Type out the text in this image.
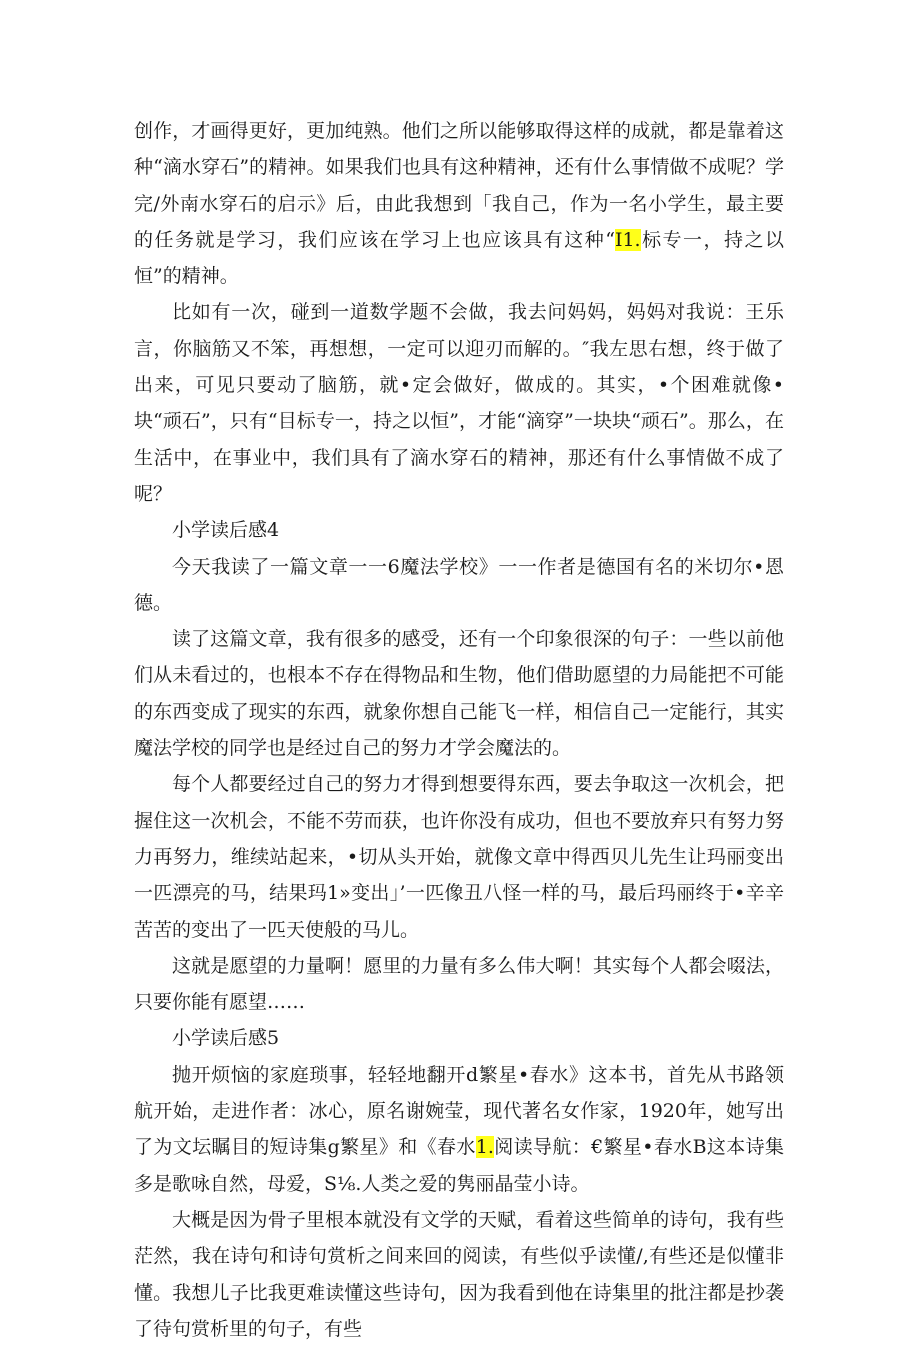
创作，才画得更好，更加纯熟。他们之所以能够取得这样的成就，都是靠着这种“滴水穿石”的精神。如果我们也具有这种精神，还有什么事情做不成呢？学完/外南水穿石的启示》后，由此我想到「我自己，作为一名小学生，最主要的任务就是学习，我们应该在学习上也应该具有这种“I1.标专一，持之以恒”的精神。

比如有一次，碰到一道数学题不会做，我去问妈妈，妈妈对我说：王乐言，你脑筋又不笨，再想想，一定可以迎刃而解的。″我左思右想，终于做了出来，可见只要动了脑筋，就•定会做好，做成的。其实，•个困难就像•块“顽石”，只有“目标专一，持之以恒”，才能“滴穿”一块块“顽石”。那么，在生活中，在事业中，我们具有了滴水穿石的精神，那还有什么事情做不成了呢？

小学读后感4

今天我读了一篇文章一一6魔法学校》一一作者是德国有名的米切尔•恩德。

读了这篇文章，我有很多的感受，还有一个印象很深的句子：一些以前他们从未看过的，也根本不存在得物品和生物，他们借助愿望的力局能把不可能的东西变成了现实的东西，就象你想自己能飞一样，相信自己一定能行，其实魔法学校的同学也是经过自己的努力才学会魔法的。

每个人都要经过自己的努力才得到想要得东西，要去争取这一次机会，把握住这一次机会，不能不劳而获，也许你没有成功，但也不要放弃只有努力努力再努力，维续站起来，•切从头开始，就像文章中得西贝儿先生让玛丽变出一匹漂亮的马，结果玛1»变出」’一匹像丑八怪一样的马，最后玛丽终于•辛辛苦苦的变出了一匹天使般的马儿。

这就是愿望的力量啊！愿里的力量有多么伟大啊！其实每个人都会啜法，只要你能有愿望……

小学读后感5

抛开烦恼的家庭琐事，轻轻地翻开d繁星•春水》这本书，首先从书路领航开始，走进作者：冰心，原名谢婉莹，现代著名女作家，1920年，她写出了为文坛瞩目的短诗集g繁星》和《春水1.阅读导航：€繁星•春水B这本诗集多是歌咏自然，母爱，S⅛.人类之爱的隽丽晶莹小诗。

大概是因为骨子里根本就没有文学的天赋，看着这些简单的诗句，我有些茫然，我在诗句和诗句赏析之间来回的阅读，有些似乎读懂/,有些还是似懂非懂。我想儿子比我更难读懂这些诗句，因为我看到他在诗集里的批注都是抄袭了待句赏析里的句子，有些
